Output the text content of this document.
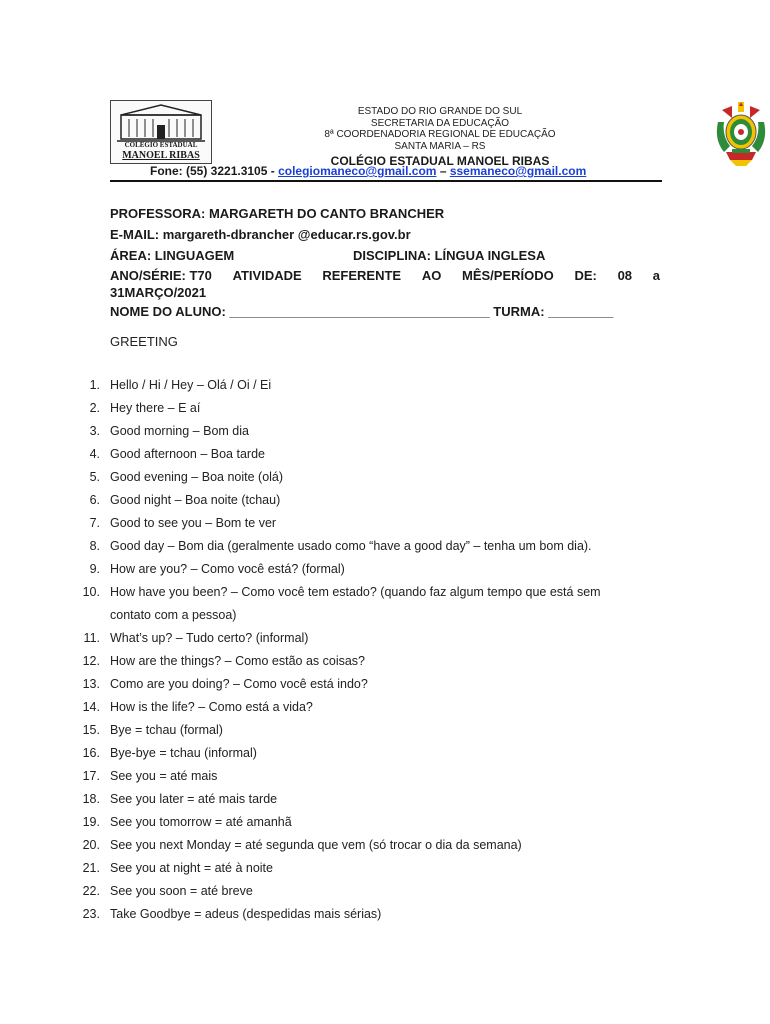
COLÉGIO ESTADUAL
MANOEL RIBAS
ESTADO DO RIO GRANDE DO SUL
SECRETARIA DA EDUCAÇÃO
8ª COORDENADORIA REGIONAL DE EDUCAÇÃO
SANTA MARIA – RS
COLÉGIO ESTADUAL MANOEL RIBAS
Fone: (55) 3221.3105 - colegiomaneco@gmail.com – ssemaneco@gmail.com
PROFESSORA: MARGARETH DO CANTO BRANCHER
E-MAIL: margareth-dbrancher @educar.rs.gov.br
ÁREA: LINGUAGEM	DISCIPLINA: LÍNGUA INGLESA
ANO/SÉRIE: T70 ATIVIDADE REFERENTE AO MÊS/PERÍODO DE: 08 a
31MARÇO/2021
NOME DO ALUNO: ____________________________________ TURMA: _________
GREETING
1. Hello / Hi / Hey – Olá / Oi / Ei
2. Hey there – E aí
3. Good morning – Bom dia
4. Good afternoon – Boa tarde
5. Good evening – Boa noite (olá)
6. Good night – Boa noite (tchau)
7. Good to see you – Bom te ver
8. Good day – Bom dia (geralmente usado como “have a good day” – tenha um bom dia).
9. How are you? – Como você está? (formal)
10. How have you been? – Como você tem estado? (quando faz algum tempo que está sem
contato com a pessoa)
11. What’s up? – Tudo certo? (informal)
12. How are the things? – Como estão as coisas?
13. Como are you doing? – Como você está indo?
14. How is the life? – Como está a vida?
15. Bye = tchau (formal)
16. Bye-bye = tchau (informal)
17. See you = até mais
18. See you later = até mais tarde
19. See you tomorrow = até amanhã
20. See you next Monday = até segunda que vem (só trocar o dia da semana)
21. See you at night = até à noite
22. See you soon = até breve
23. Take Goodbye = adeus (despedidas mais sérias)
